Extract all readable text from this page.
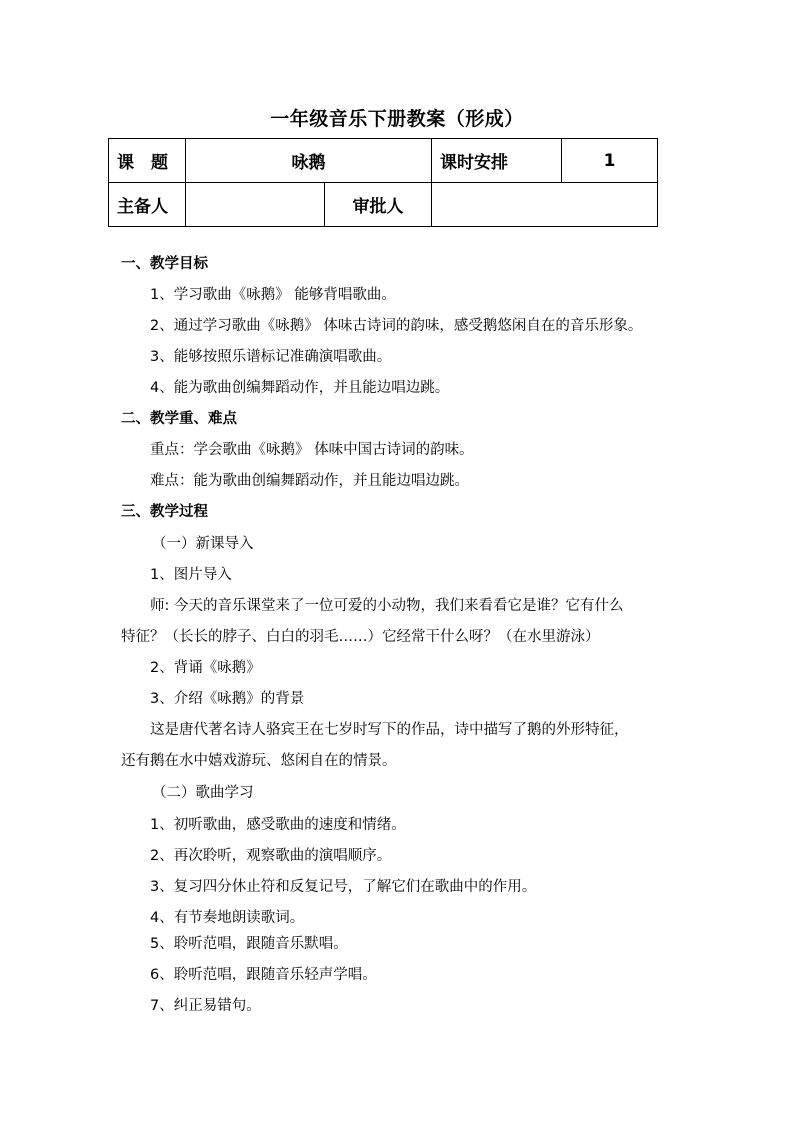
一年级音乐下册教案（形成）
课　题	咏鹅		课时安排	1
主备人		审批人		
一、教学目标
1、学习歌曲《咏鹅》 能够背唱歌曲。
2、通过学习歌曲《咏鹅》 体味古诗词的韵味，感受鹅悠闲自在的音乐形象。
3、能够按照乐谱标记准确演唱歌曲。
4、能为歌曲创编舞蹈动作，并且能边唱边跳。
二、教学重、难点
重点：学会歌曲《咏鹅》 体味中国古诗词的韵味。
难点：能为歌曲创编舞蹈动作，并且能边唱边跳。
三、教学过程
（一）新课导入
1、图片导入
师: 今天的音乐课堂来了一位可爱的小动物，我们来看看它是谁？它有什么
特征？（长长的脖子、白白的羽毛……）它经常干什么呀？（在水里游泳）
2、背诵《咏鹅》
3、介绍《咏鹅》的背景
这是唐代著名诗人骆宾王在七岁时写下的作品，诗中描写了鹅的外形特征，
还有鹅在水中嬉戏游玩、悠闲自在的情景。
（二）歌曲学习
1、初听歌曲，感受歌曲的速度和情绪。
2、再次聆听，观察歌曲的演唱顺序。
3、复习四分休止符和反复记号，了解它们在歌曲中的作用。
4、有节奏地朗读歌词。
5、聆听范唱，跟随音乐默唱。
6、聆听范唱，跟随音乐轻声学唱。
7、纠正易错句。
